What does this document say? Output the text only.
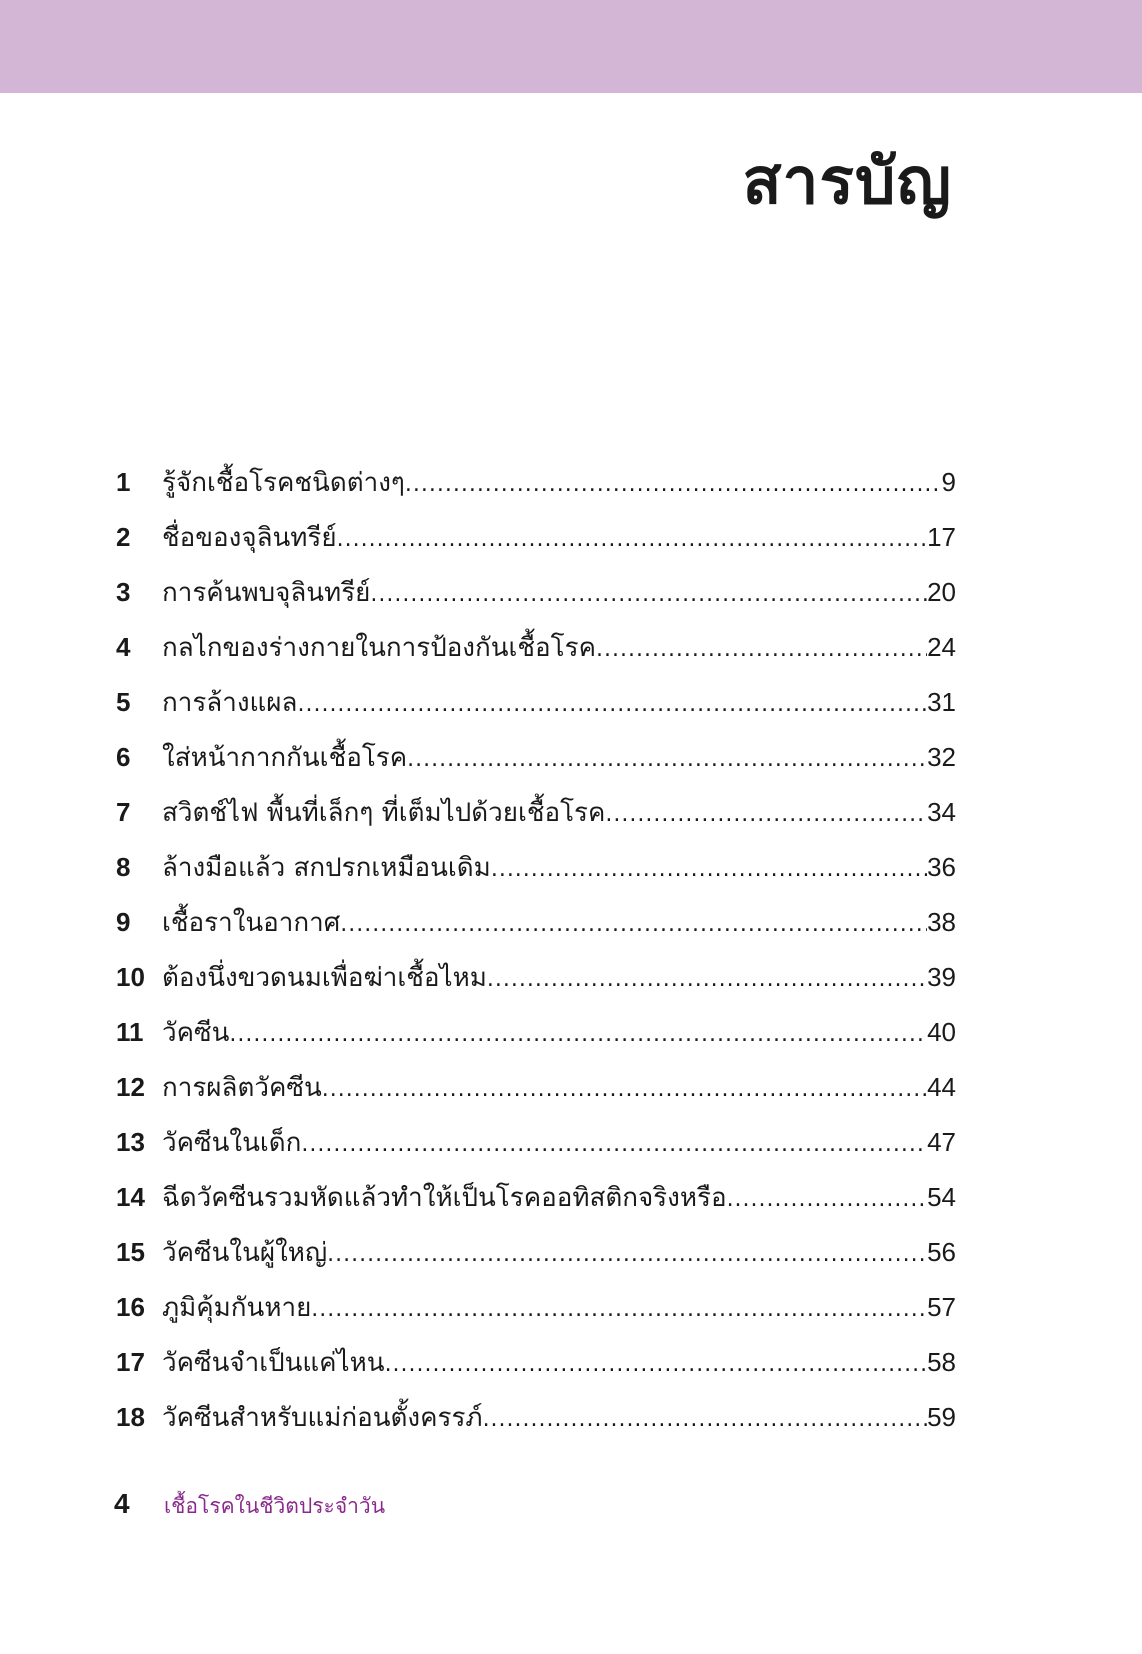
สารบัญ
1	รู้จักเชื้อโรคชนิดต่างๆ .....	9
2	ชื่อของจุลินทรีย์ .....	17
3	การค้นพบจุลินทรีย์ .....	20
4	กลไกของร่างกายในการป้องกันเชื้อโรค .....	24
5	การล้างแผล .....	31
6	ใส่หน้ากากกันเชื้อโรค .....	32
7	สวิตช์ไฟ พื้นที่เล็กๆ ที่เต็มไปด้วยเชื้อโรค .....	34
8	ล้างมือแล้ว สกปรกเหมือนเดิม .....	36
9	เชื้อราในอากาศ .....	38
10 ต้องนึ่งขวดนมเพื่อฆ่าเชื้อไหม .....	39
11 วัคซีน .....	40
12 การผลิตวัคซีน .....	44
13 วัคซีนในเด็ก .....	47
14 ฉีดวัคซีนรวมหัดแล้วทำให้เป็นโรคออทิสติกจริงหรือ .....	54
15 วัคซีนในผู้ใหญ่ .....	56
16 ภูมิคุ้มกันหาย .....	57
17 วัคซีนจำเป็นแค่ไหน .....	58
18 วัคซีนสำหรับแม่ก่อนตั้งครรภ์ .....	59
4	เชื้อโรคในชีวิตประจำวัน
